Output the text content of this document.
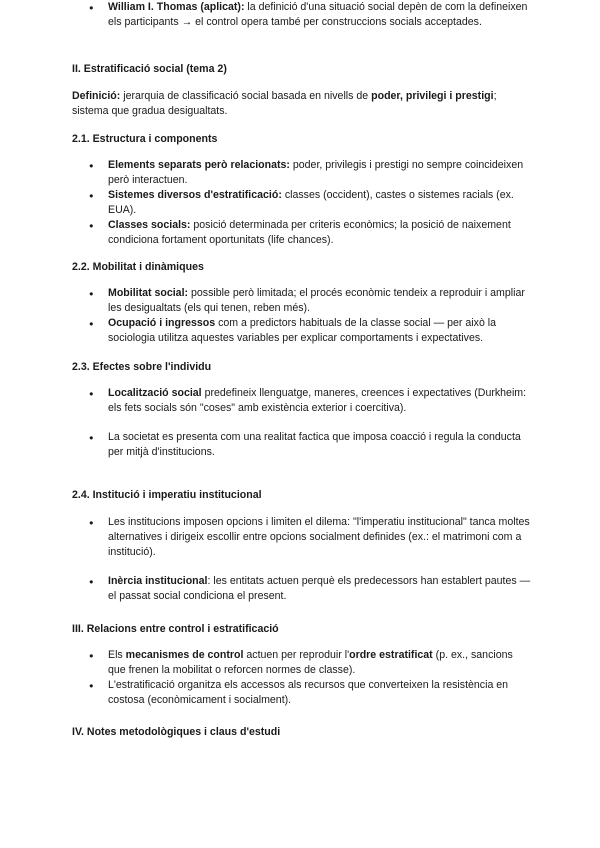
● William I. Thomas (aplicat): la definició d'una situació social depèn de com la defineixen els participants → el control opera també per construccions socials acceptades.
II. Estratificació social (tema 2)

Definició: jerarquia de classificació social basada en nivells de poder, privilegi i prestigi; sistema que gradua desigualtats.

2.1. Estructura i components
● Elements separats però relacionats: poder, privilegis i prestigi no sempre coincideixen però interactuen.
● Sistemes diversos d'estratificació: classes (occident), castes o sistemes racials (ex. EUA).
● Classes socials: posició determinada per criteris econòmics; la posició de naixement condiciona fortament oportunitats (life chances).
2.2. Mobilitat i dinàmiques
● Mobilitat social: possible però limitada; el procés econòmic tendeix a reproduir i ampliar les desigualtats (els qui tenen, reben més).
● Ocupació i ingressos com a predictors habituals de la classe social — per això la sociologia utilitza aquestes variables per explicar comportaments i expectatives.
2.3. Efectes sobre l'individu
● Localització social predefineix llenguatge, maneres, creences i expectatives (Durkheim: els fets socials són "coses" amb existència exterior i coercitiva).
● La societat es presenta com una realitat factica que imposa coacció i regula la conducta per mitjà d'institucions.
2.4. Institució i imperatiu institucional
● Les institucions imposen opcions i limiten el dilema: "l'imperatiu institucional" tanca moltes alternatives i dirigeix escollir entre opcions socialment definides (ex.: el matrimoni com a institució).
● Inèrcia institucional: les entitats actuen perquè els predecessors han establert pautes — el passat social condiciona el present.
III. Relacions entre control i estratificació
● Els mecanismes de control actuen per reproduir l'ordre estratificat (p. ex., sancions que frenen la mobilitat o reforcen normes de classe).
● L'estratificació organitza els accessos als recursos que converteixen la resistència en costosa (econòmicament i socialment).
IV. Notes metodològiques i claus d'estudi
